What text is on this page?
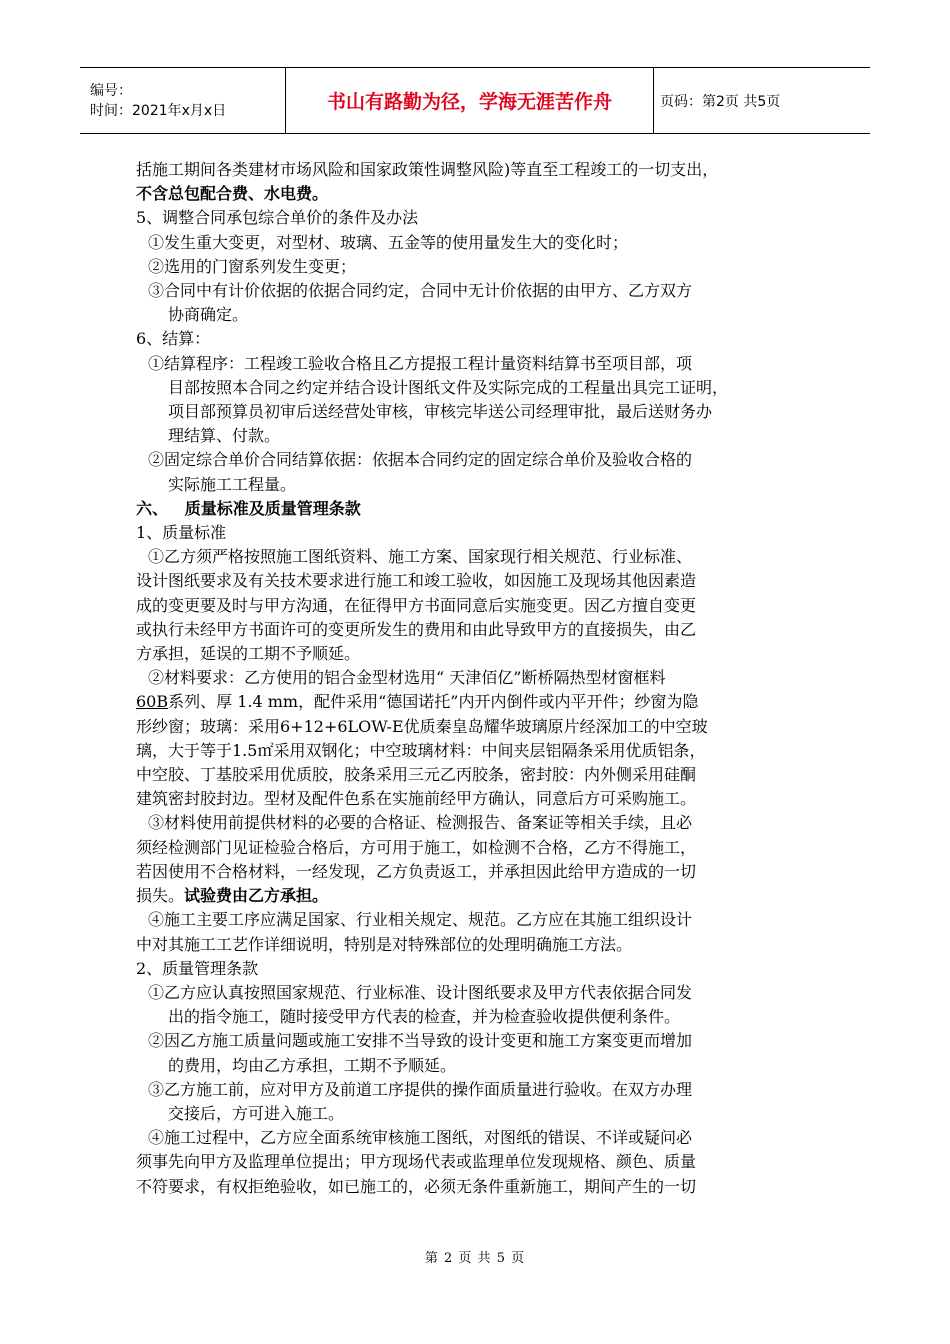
编号：
时间：2021年x月x日	书山有路勤为径，学海无涯苦作舟	页码：第2页 共5页

括施工期间各类建材市场风险和国家政策性调整风险)等直至工程竣工的一切支出，

不含总包配合费、水电费。

5、调整合同承包综合单价的条件及办法

①发生重大变更，对型材、玻璃、五金等的使用量发生大的变化时；

②选用的门窗系列发生变更；

③合同中有计价依据的依据合同约定，合同中无计价依据的由甲方、乙方双方
协商确定。

6、结算：

①结算程序：工程竣工验收合格且乙方提报工程计量资料结算书至项目部，项
目部按照本合同之约定并结合设计图纸文件及实际完成的工程量出具完工证明，
项目部预算员初审后送经营处审核，审核完毕送公司经理审批，最后送财务办
理结算、付款。
②固定综合单价合同结算依据：依据本合同约定的固定综合单价及验收合格的
实际施工工程量。

六、   质量标准及质量管理条款

1、质量标准

①乙方须严格按照施工图纸资料、施工方案、国家现行相关规范、行业标准、
设计图纸要求及有关技术要求进行施工和竣工验收，如因施工及现场其他因素造
成的变更要及时与甲方沟通，在征得甲方书面同意后实施变更。因乙方擅自变更
或执行未经甲方书面许可的变更所发生的费用和由此导致甲方的直接损失，由乙
方承担，延误的工期不予顺延。
②材料要求：乙方使用的铝合金型材选用“ 天津佰亿”断桥隔热型材窗框料
60B系列、厚 1.4 mm，配件采用“德国诺托”内开内倒件或内平开件；纱窗为隐
形纱窗；玻璃：采用6+12+6LOW-E优质秦皇岛耀华玻璃原片经深加工的中空玻
璃，大于等于1.5㎡采用双钢化；中空玻璃材料：中间夹层铝隔条采用优质铝条，
中空胶、丁基胶采用优质胶，胶条采用三元乙丙胶条，密封胶：内外侧采用硅酮
建筑密封胶封边。型材及配件色系在实施前经甲方确认，同意后方可采购施工。
③材料使用前提供材料的必要的合格证、检测报告、备案证等相关手续，且必
须经检测部门见证检验合格后，方可用于施工，如检测不合格，乙方不得施工，
若因使用不合格材料，一经发现，乙方负责返工，并承担因此给甲方造成的一切
损失。试验费由乙方承担。
④施工主要工序应满足国家、行业相关规定、规范。乙方应在其施工组织设计
中对其施工工艺作详细说明，特别是对特殊部位的处理明确施工方法。

2、质量管理条款

①乙方应认真按照国家规范、行业标准、设计图纸要求及甲方代表依据合同发
出的指令施工，随时接受甲方代表的检查，并为检查验收提供便利条件。
②因乙方施工质量问题或施工安排不当导致的设计变更和施工方案变更而增加
的费用，均由乙方承担，工期不予顺延。
③乙方施工前，应对甲方及前道工序提供的操作面质量进行验收。在双方办理
交接后，方可进入施工。
④施工过程中，乙方应全面系统审核施工图纸，对图纸的错误、不详或疑问必
须事先向甲方及监理单位提出；甲方现场代表或监理单位发现规格、颜色、质量
不符要求，有权拒绝验收，如已施工的，必须无条件重新施工，期间产生的一切
第 2 页 共 5 页
